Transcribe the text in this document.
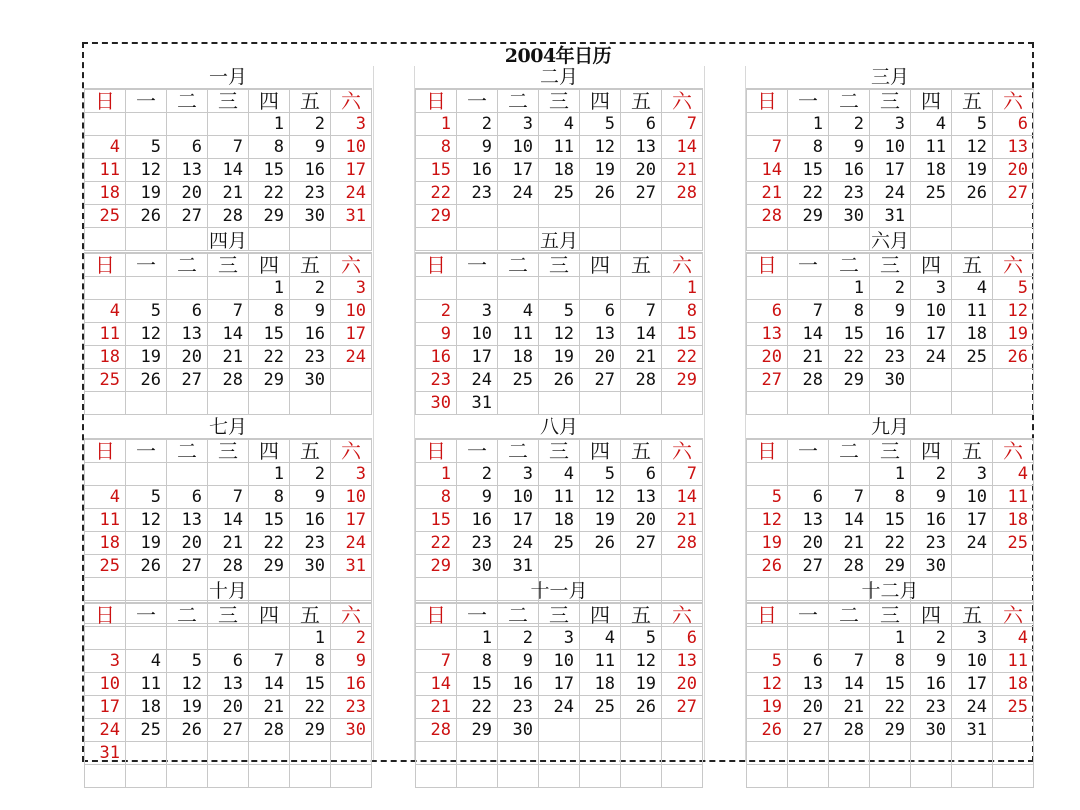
2004年日历
一月
日	一	二	三	四	五	六
				1	2	3
4	5	6	7	8	9	10
11	12	13	14	15	16	17
18	19	20	21	22	23	24
25	26	27	28	29	30	31

二月
日	一	二	三	四	五	六
1	2	3	4	5	6	7
8	9	10	11	12	13	14
15	16	17	18	19	20	21
22	23	24	25	26	27	28
29						

三月
日	一	二	三	四	五	六
	1	2	3	4	5	6
7	8	9	10	11	12	13
14	15	16	17	18	19	20
21	22	23	24	25	26	27
28	29	30	31			

四月
日	一	二	三	四	五	六
				1	2	3
4	5	6	7	8	9	10
11	12	13	14	15	16	17
18	19	20	21	22	23	24
25	26	27	28	29	30	

五月
日	一	二	三	四	五	六
						1
2	3	4	5	6	7	8
9	10	11	12	13	14	15
16	17	18	19	20	21	22
23	24	25	26	27	28	29
30	31					
六月
日	一	二	三	四	五	六
		1	2	3	4	5
6	7	8	9	10	11	12
13	14	15	16	17	18	19
20	21	22	23	24	25	26
27	28	29	30			

七月
日	一	二	三	四	五	六
				1	2	3
4	5	6	7	8	9	10
11	12	13	14	15	16	17
18	19	20	21	22	23	24
25	26	27	28	29	30	31

八月
日	一	二	三	四	五	六
1	2	3	4	5	6	7
8	9	10	11	12	13	14
15	16	17	18	19	20	21
22	23	24	25	26	27	28
29	30	31				

九月
日	一	二	三	四	五	六
			1	2	3	4
5	6	7	8	9	10	11
12	13	14	15	16	17	18
19	20	21	22	23	24	25
26	27	28	29	30		

十月
日	一	二	三	四	五	六
					1	2
3	4	5	6	7	8	9
10	11	12	13	14	15	16
17	18	19	20	21	22	23
24	25	26	27	28	29	30
31						

十一月
日	一	二	三	四	五	六
	1	2	3	4	5	6
7	8	9	10	11	12	13
14	15	16	17	18	19	20
21	22	23	24	25	26	27
28	29	30				

十二月
日	一	二	三	四	五	六
			1	2	3	4
5	6	7	8	9	10	11
12	13	14	15	16	17	18
19	20	21	22	23	24	25
26	27	28	29	30	31	
